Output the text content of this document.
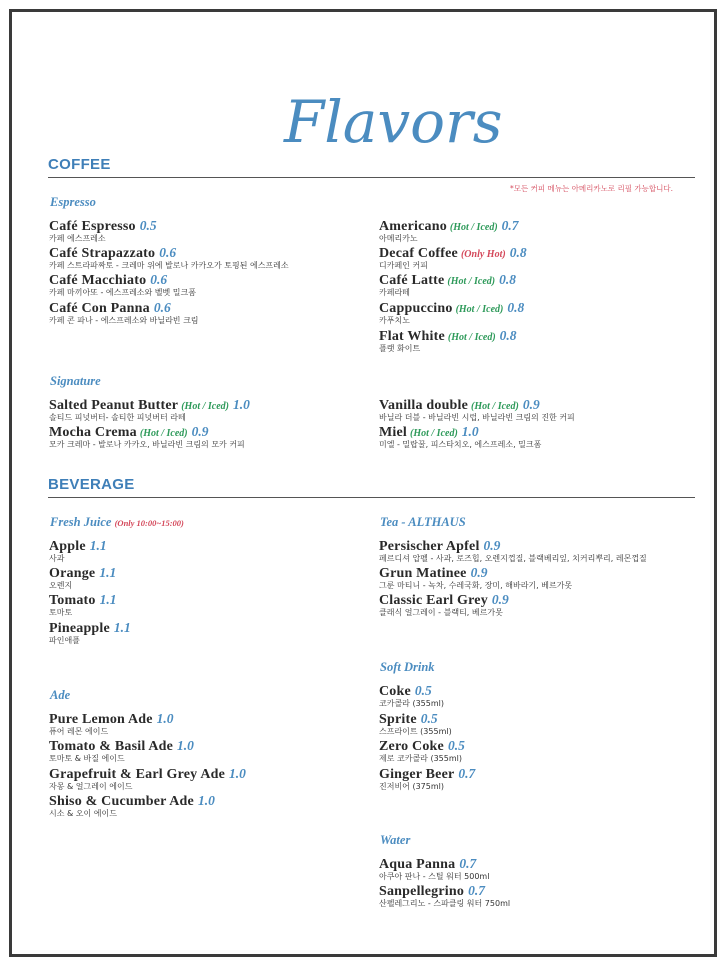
Flavors
COFFEE
*모든 커피 메뉴는 아메리카노로 리필 가능합니다.
Espresso
Café Espresso 0.5
카페 에스프레소
Café Strapazzato 0.6
카페 스트라파짜토 - 크레마 위에 발로나 카카오가 토핑된 에스프레소
Café Macchiato 0.6
카페 마끼아또 - 에스프레소와 벨벳 밀크폼
Café Con Panna 0.6
카페 콘 파나 - 에스프레소와 바닐라빈 크림
Americano (Hot / Iced) 0.7
아메리카노
Decaf Coffee (Only Hot) 0.8
디카페인 커피
Café Latte (Hot / Iced) 0.8
카페라떼
Cappuccino (Hot / Iced) 0.8
카푸치노
Flat White (Hot / Iced) 0.8
플랫 화이트
Signature
Salted Peanut Butter (Hot / Iced) 1.0
솔티드 피넛버터- 솔티한 피넛버터 라떼
Mocha Crema (Hot / Iced) 0.9
모카 크레마 - 발로나 카카오, 바닐라빈 크림의 모카 커피
Vanilla double (Hot / Iced) 0.9
바닐라 더블 - 바닐라빈 시럽, 바닐라빈 크림의 진한 커피
Miel (Hot / Iced) 1.0
미엘 - 밀랍꿀, 피스타치오, 에스프레소, 밀크폼
BEVERAGE
Fresh Juice (Only 10:00~15:00)
Apple 1.1
사과
Orange 1.1
오렌지
Tomato 1.1
토마토
Pineapple 1.1
파인애플
Ade
Pure Lemon Ade 1.0
퓨어 레몬 에이드
Tomato & Basil Ade 1.0
토마토 & 바질 에이드
Grapefruit & Earl Grey Ade 1.0
자몽 & 얼그레이 에이드
Shiso & Cucumber Ade 1.0
시소 & 오이 에이드
Tea - ALTHAUS
Persischer Apfel 0.9
페르디셔 압펠 - 사과, 로즈힙, 오렌지껍질, 블랙베리잎, 치커리뿌리, 레몬껍질
Grun Matinee 0.9
그룬 마티니 - 녹차, 수레국화, 장미, 해바라기, 베르가못
Classic Earl Grey 0.9
클래식 얼그레이 - 블랙티, 베르가못
Soft Drink
Coke 0.5
코카콜라 (355ml)
Sprite 0.5
스프라이트 (355ml)
Zero Coke 0.5
제로 코카콜라 (355ml)
Ginger Beer 0.7
진저비어 (375ml)
Water
Aqua Panna 0.7
아쿠아 판나 - 스틸 워터 500ml
Sanpellegrino 0.7
산펠레그리노 - 스파클링 워터 750ml
